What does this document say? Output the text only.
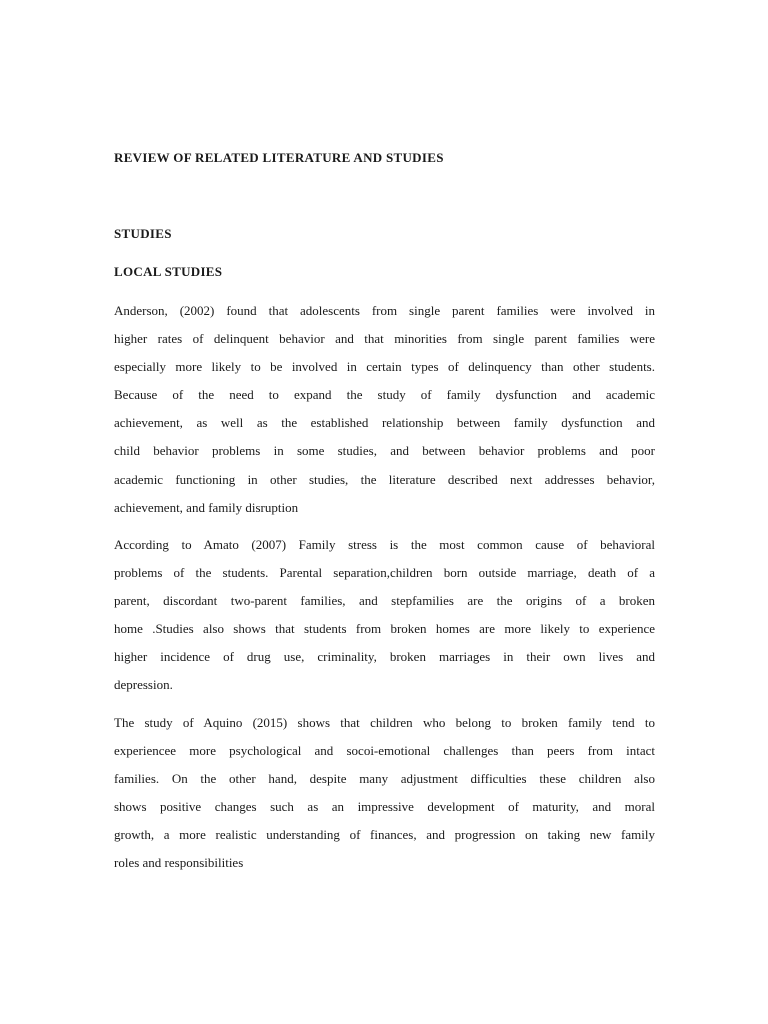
REVIEW OF RELATED LITERATURE AND STUDIES
STUDIES
LOCAL STUDIES
Anderson, (2002) found that adolescents from single parent families were involved in
higher rates of delinquent behavior and that minorities from single parent families were
especially more likely to be involved in certain types of delinquency than other students.
Because of the need to expand the study of family dysfunction and academic
achievement, as well as the established relationship between family dysfunction and
child behavior problems in some studies, and between behavior problems and poor
academic functioning in other studies, the literature described next addresses behavior,
achievement, and family disruption
According to Amato (2007) Family stress is the most common cause of behavioral
problems of the students. Parental separation,children born outside marriage, death of a
parent, discordant two-parent families, and stepfamilies are the origins of a broken
home .Studies also shows that students from broken homes are more likely to experience
higher incidence of drug use, criminality, broken marriages in their own lives and
depression.
The study of Aquino (2015) shows that children who belong to broken family tend to
experiencee more psychological and socoi-emotional challenges than peers from intact
families. On the other hand, despite many adjustment difficulties these children also
shows positive changes such as an impressive development of maturity, and moral
growth, a more realistic understanding of finances, and progression on taking new family
roles and responsibilities
